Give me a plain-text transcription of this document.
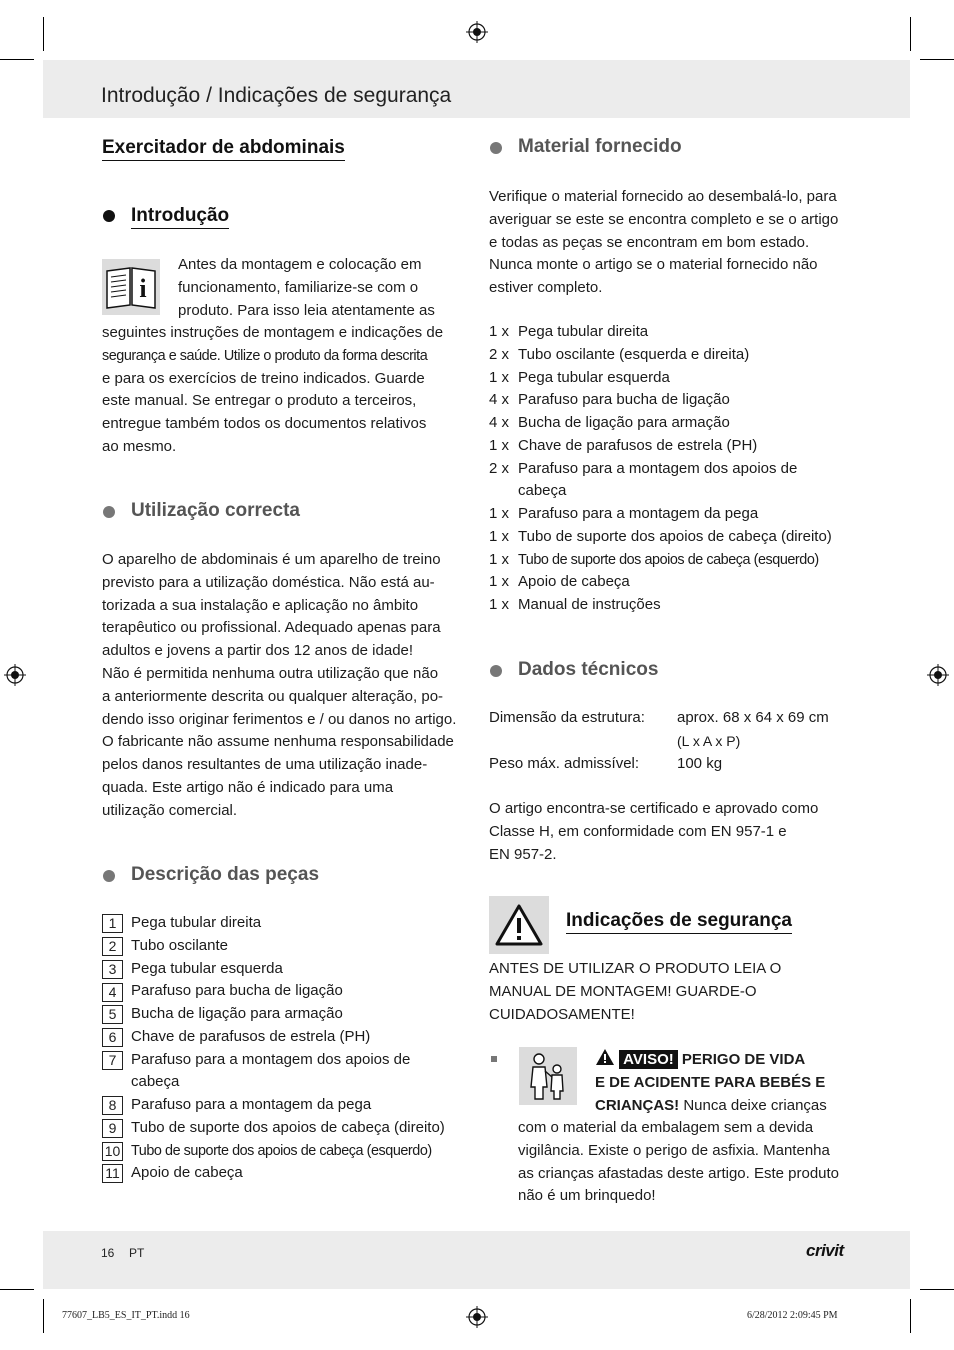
Introdução / Indicações de segurança
Exercitador de abdominais
Introdução
i
Antes da montagem e colocação em
funcionamento, familiarize-se com o
produto. Para isso leia atentamente as
seguintes instruções de montagem e indicações de
segurança e saúde. Utilize o produto da forma descrita
e para os exercícios de treino indicados. Guarde
este manual. Se entregar o produto a terceiros,
entregue também todos os documentos relativos
ao mesmo.
Utilização correcta
O aparelho de abdominais é um aparelho de treino
previsto para a utilização doméstica. Não está au-
torizada a sua instalação e aplicação no âmbito
terapêutico ou profissional. Adequado apenas para
adultos e jovens a partir dos 12 anos de idade!
Não é permitida nenhuma outra utilização que não
a anteriormente descrita ou qualquer alteração, po-
dendo isso originar ferimentos e / ou danos no artigo.
O fabricante não assume nenhuma responsabilidade
pelos danos resultantes de uma utilização inade-
quada. Este artigo não é indicado para uma
utilização comercial.
Descrição das peças
1 Pega tubular direita
2 Tubo oscilante
3 Pega tubular esquerda
4 Parafuso para bucha de ligação
5 Bucha de ligação para armação
6 Chave de parafusos de estrela (PH)
7 Parafuso para a montagem dos apoios de
cabeça
8 Parafuso para a montagem da pega
9 Tubo de suporte dos apoios de cabeça (direito)
10 Tubo de suporte dos apoios de cabeça (esquerdo)
11 Apoio de cabeça
Material fornecido
Verifique o material fornecido ao desembalá-lo, para
averiguar se este se encontra completo e se o artigo
e todas as peças se encontram em bom estado.
Nunca monte o artigo se o material fornecido não
estiver completo.
1 x Pega tubular direita
2 x Tubo oscilante (esquerda e direita)
1 x Pega tubular esquerda
4 x Parafuso para bucha de ligação
4 x Bucha de ligação para armação
1 x Chave de parafusos de estrela (PH)
2 x Parafuso para a montagem dos apoios de
cabeça
1 x Parafuso para a montagem da pega
1 x Tubo de suporte dos apoios de cabeça (direito)
1 x Tubo de suporte dos apoios de cabeça (esquerdo)
1 x Apoio de cabeça
1 x Manual de instruções
Dados técnicos
Dimensão da estrutura: aprox. 68 x 64 x 69 cm
(L x A x P)
Peso máx. admissível:	100 kg
O artigo encontra-se certificado e aprovado como
Classe H, em conformidade com EN 957-1 e
EN 957-2.
Indicações de segurança
ANTES DE UTILIZAR O PRODUTO LEIA O
MANUAL DE MONTAGEM! GUARDE-O
CUIDADOSAMENTE!
AVISO! PERIGO DE VIDA
E DE ACIDENTE PARA BEBÉS E
CRIANÇAS! Nunca deixe crianças
com o material da embalagem sem a devida
vigilância. Existe o perigo de asfixia. Mantenha
as crianças afastadas deste artigo. Este produto
não é um brinquedo!
16 PT	crivit
77607_LB5_ES_IT_PT.indd 16	6/28/2012 2:09:45 PM
